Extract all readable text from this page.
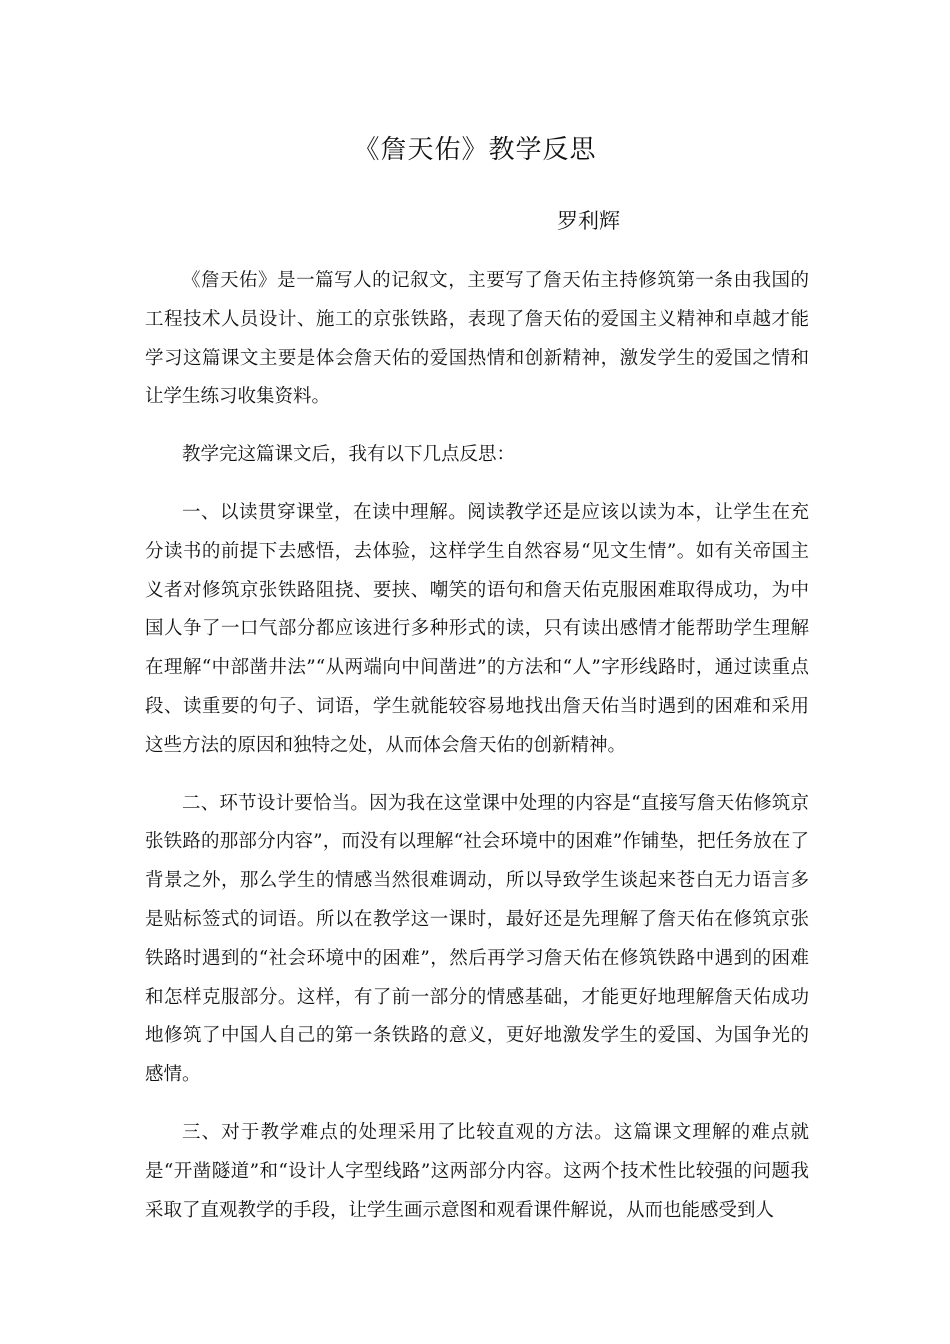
《詹天佑》教学反思
罗利辉

《詹天佑》是一篇写人的记叙文，主要写了詹天佑主持修筑第一条由我国的工程技术人员设计、施工的京张铁路，表现了詹天佑的爱国主义精神和卓越才能学习这篇课文主要是体会詹天佑的爱国热情和创新精神，激发学生的爱国之情和让学生练习收集资料。

教学完这篇课文后，我有以下几点反思：

一、以读贯穿课堂，在读中理解。阅读教学还是应该以读为本，让学生在充分读书的前提下去感悟，去体验，这样学生自然容易“见文生情”。如有关帝国主义者对修筑京张铁路阻挠、要挟、嘲笑的语句和詹天佑克服困难取得成功，为中国人争了一口气部分都应该进行多种形式的读，只有读出感情才能帮助学生理解在理解“中部凿井法”“从两端向中间凿进”的方法和“人”字形线路时，通过读重点段、读重要的句子、词语，学生就能较容易地找出詹天佑当时遇到的困难和采用这些方法的原因和独特之处，从而体会詹天佑的创新精神。

二、环节设计要恰当。因为我在这堂课中处理的内容是“直接写詹天佑修筑京张铁路的那部分内容”，而没有以理解“社会环境中的困难”作铺垫，把任务放在了背景之外，那么学生的情感当然很难调动，所以导致学生谈起来苍白无力语言多是贴标签式的词语。所以在教学这一课时，最好还是先理解了詹天佑在修筑京张铁路时遇到的“社会环境中的困难”，然后再学习詹天佑在修筑铁路中遇到的困难和怎样克服部分。这样，有了前一部分的情感基础，才能更好地理解詹天佑成功地修筑了中国人自己的第一条铁路的意义，更好地激发学生的爱国、为国争光的感情。

三、对于教学难点的处理采用了比较直观的方法。这篇课文理解的难点就是“开凿隧道”和“设计人字型线路”这两部分内容。这两个技术性比较强的问题我采取了直观教学的手段，让学生画示意图和观看课件解说，从而也能感受到人
